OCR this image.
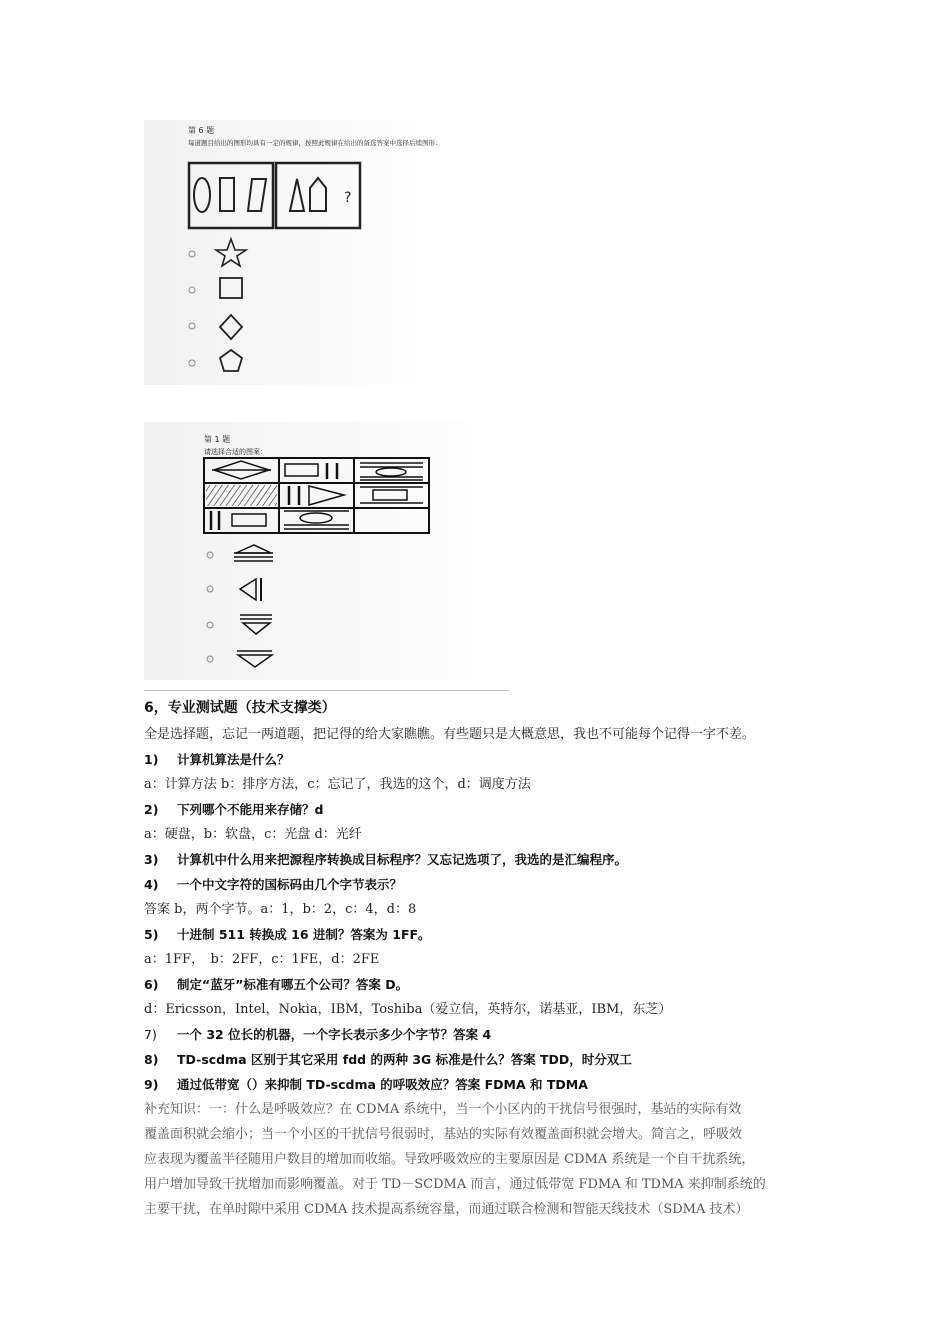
第 6 题
每道题目给出的图形均具有一定的规律，按照此规律在给出的备选答案中选择后续图形：
?
第 1 题
请选择合适的图案：
6，专业测试题（技术支撑类）
全是选择题，忘记一两道题，把记得的给大家瞧瞧。有些题只是大概意思，我也不可能每个记得一字不差。
1) 计算机算法是什么？
a：计算方法 b：排序方法，c：忘记了，我选的这个，d：调度方法
2) 下列哪个不能用来存储？d
a：硬盘，b：软盘，c：光盘 d：光纤
3) 计算机中什么用来把源程序转换成目标程序？又忘记选项了，我选的是汇编程序。
4) 一个中文字符的国标码由几个字节表示？
答案 b，两个字节。a：1，b：2，c：4，d：8
5) 十进制 511 转换成 16 进制？答案为 1FF。
a：1FF，　b：2FF，c：1FE，d：2FE
6) 制定“蓝牙”标准有哪五个公司？答案 D。
d：Ericsson，Intel，Nokia，IBM，Toshiba（爱立信，英特尔，诺基亚，IBM，东芝）
7) 一个 32 位长的机器，一个字长表示多少个字节？答案 4
8) TD-scdma 区别于其它采用 fdd 的两种 3G 标准是什么？答案 TDD，时分双工
9) 通过低带宽（）来抑制 TD-scdma 的呼吸效应？答案 FDMA 和 TDMA
补充知识：一：什么是呼吸效应？在 CDMA 系统中，当一个小区内的干扰信号很强时，基站的实际有效
覆盖面积就会缩小；当一个小区的干扰信号很弱时，基站的实际有效覆盖面积就会增大。简言之，呼吸效
应表现为覆盖半径随用户数目的增加而收缩。导致呼吸效应的主要原因是 CDMA 系统是一个自干扰系统，
用户增加导致干扰增加而影响覆盖。对于 TD－SCDMA 而言，通过低带宽 FDMA 和 TDMA 来抑制系统的
主要干扰，在单时隙中采用 CDMA 技术提高系统容量，而通过联合检测和智能天线技术（SDMA 技术）
